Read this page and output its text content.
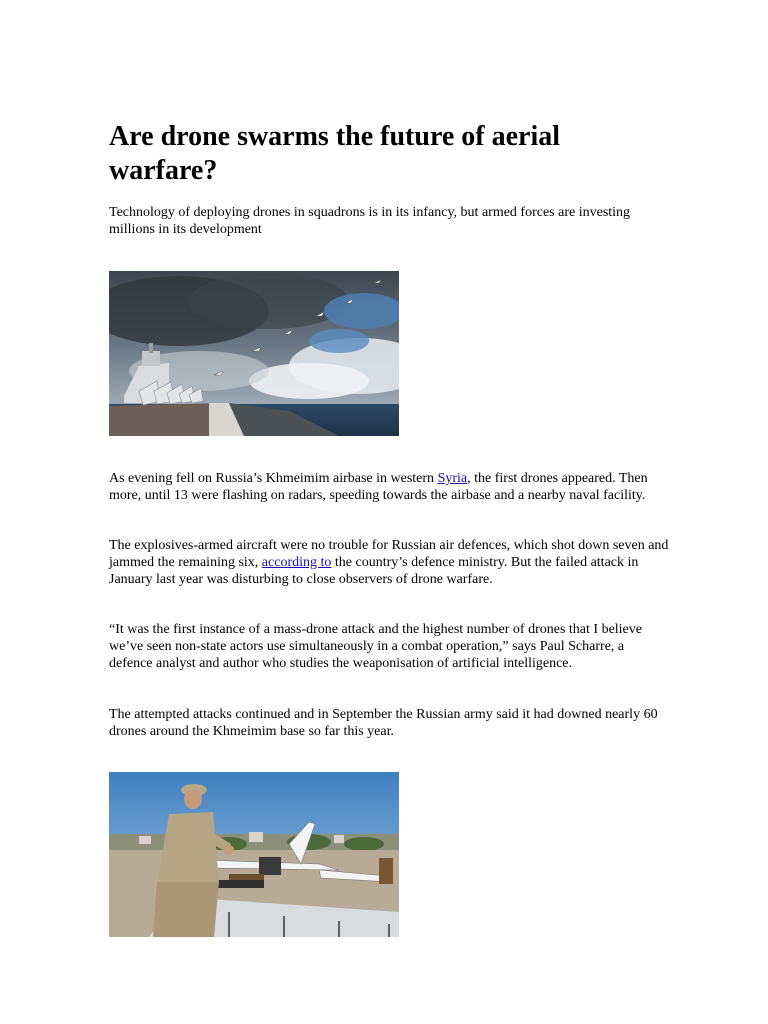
Are drone swarms the future of aerial warfare?

Technology of deploying drones in squadrons is in its infancy, but armed forces are investing millions in its development

As evening fell on Russia’s Khmeimim airbase in western Syria, the first drones appeared. Then more, until 13 were flashing on radars, speeding towards the airbase and a nearby naval facility.

The explosives-armed aircraft were no trouble for Russian air defences, which shot down seven and jammed the remaining six, according to the country’s defence ministry. But the failed attack in January last year was disturbing to close observers of drone warfare.

“It was the first instance of a mass-drone attack and the highest number of drones that I believe we’ve seen non-state actors use simultaneously in a combat operation,” says Paul Scharre, a defence analyst and author who studies the weaponisation of artificial intelligence.

The attempted attacks continued and in September the Russian army said it had downed nearly 60 drones around the Khmeimim base so far this year.
